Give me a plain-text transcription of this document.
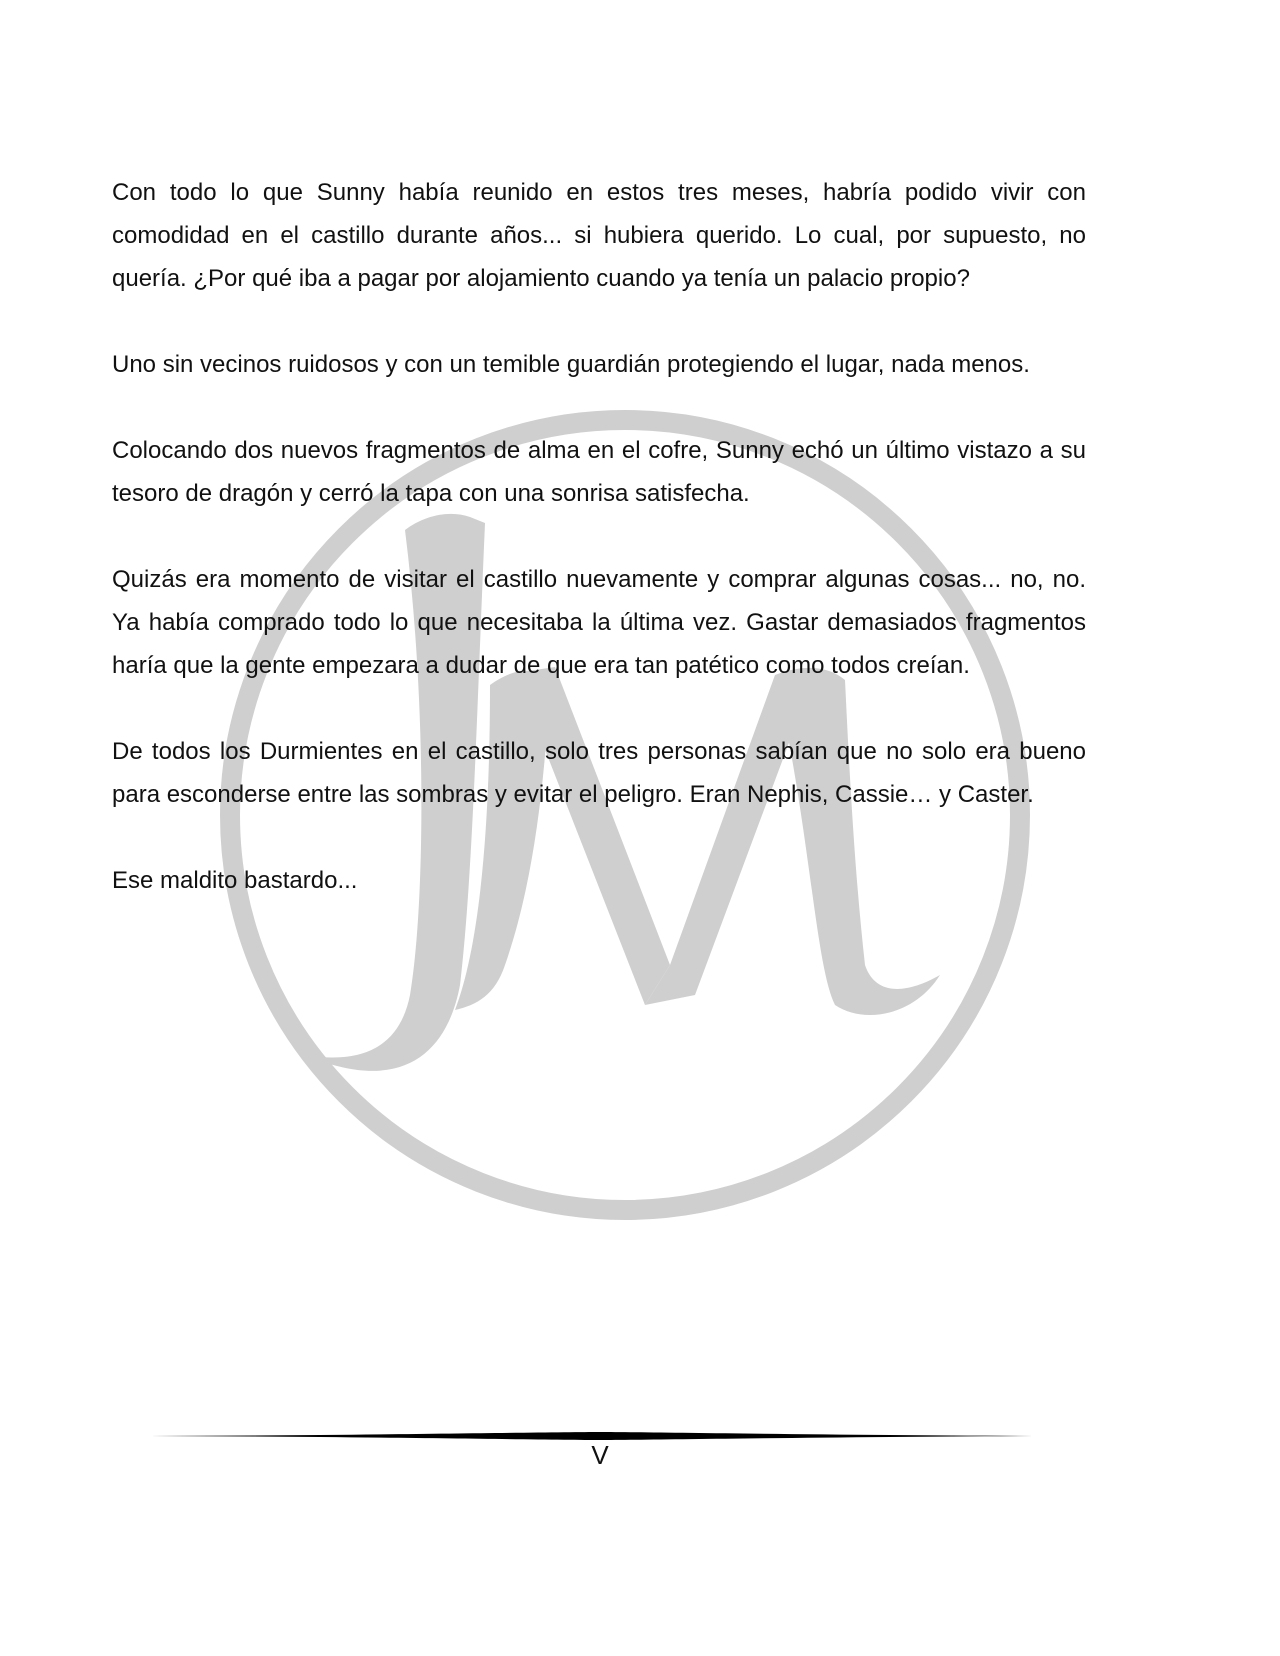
Con todo lo que Sunny había reunido en estos tres meses, habría podido vivir con comodidad en el castillo durante años... si hubiera querido. Lo cual, por supuesto, no quería. ¿Por qué iba a pagar por alojamiento cuando ya tenía un palacio propio?

Uno sin vecinos ruidosos y con un temible guardián protegiendo el lugar, nada menos.

Colocando dos nuevos fragmentos de alma en el cofre, Sunny echó un último vistazo a su tesoro de dragón y cerró la tapa con una sonrisa satisfecha.

Quizás era momento de visitar el castillo nuevamente y comprar algunas cosas... no, no. Ya había comprado todo lo que necesitaba la última vez. Gastar demasiados fragmentos haría que la gente empezara a dudar de que era tan patético como todos creían.

De todos los Durmientes en el castillo, solo tres personas sabían que no solo era bueno para esconderse entre las sombras y evitar el peligro. Eran Nephis, Cassie… y Caster.

Ese maldito bastardo...

V
